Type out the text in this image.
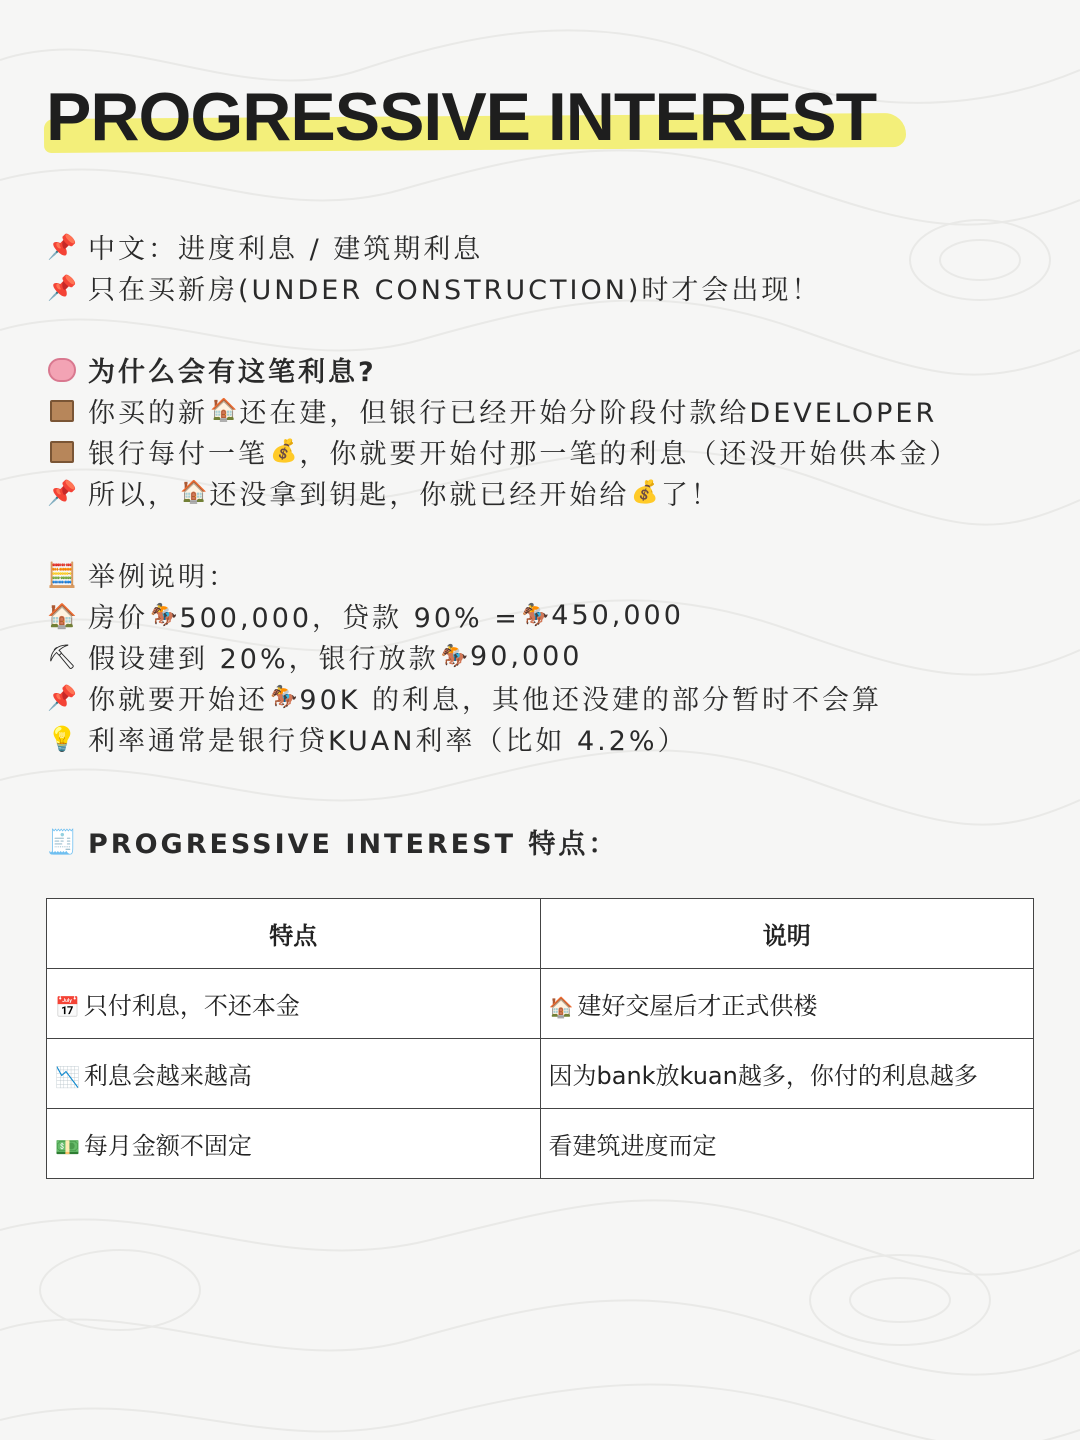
PROGRESSIVE INTEREST
📌 中文：进度利息 / 建筑期利息
📌 只在买新房(UNDER CONSTRUCTION)时才会出现！
为什么会有这笔利息?
你买的新 🏠 还在建，但银行已经开始分阶段付款给DEVELOPER
银行每付一笔 💰 ，你就要开始付那一笔的利息（还没开始供本金）
📌 所以， 🏠 还没拿到钥匙，你就已经开始给 💰 了！
🧮 举例说明：
🏠 房价 🏇 500,000，贷款 90% = 🏇 450,000
⛏ 假设建到 20%，银行放款 🏇 90,000
📌 你就要开始还 🏇 90K 的利息，其他还没建的部分暂时不会算
💡 利率通常是银行贷KUAN利率（比如 4.2%）
🧾 PROGRESSIVE INTEREST 特点：
特点	说明
📅 只付利息，不还本金	🏠 建好交屋后才正式供楼
📉 利息会越来越高	因为bank放kuan越多，你付的利息越多
💵 每月金额不固定	看建筑进度而定
